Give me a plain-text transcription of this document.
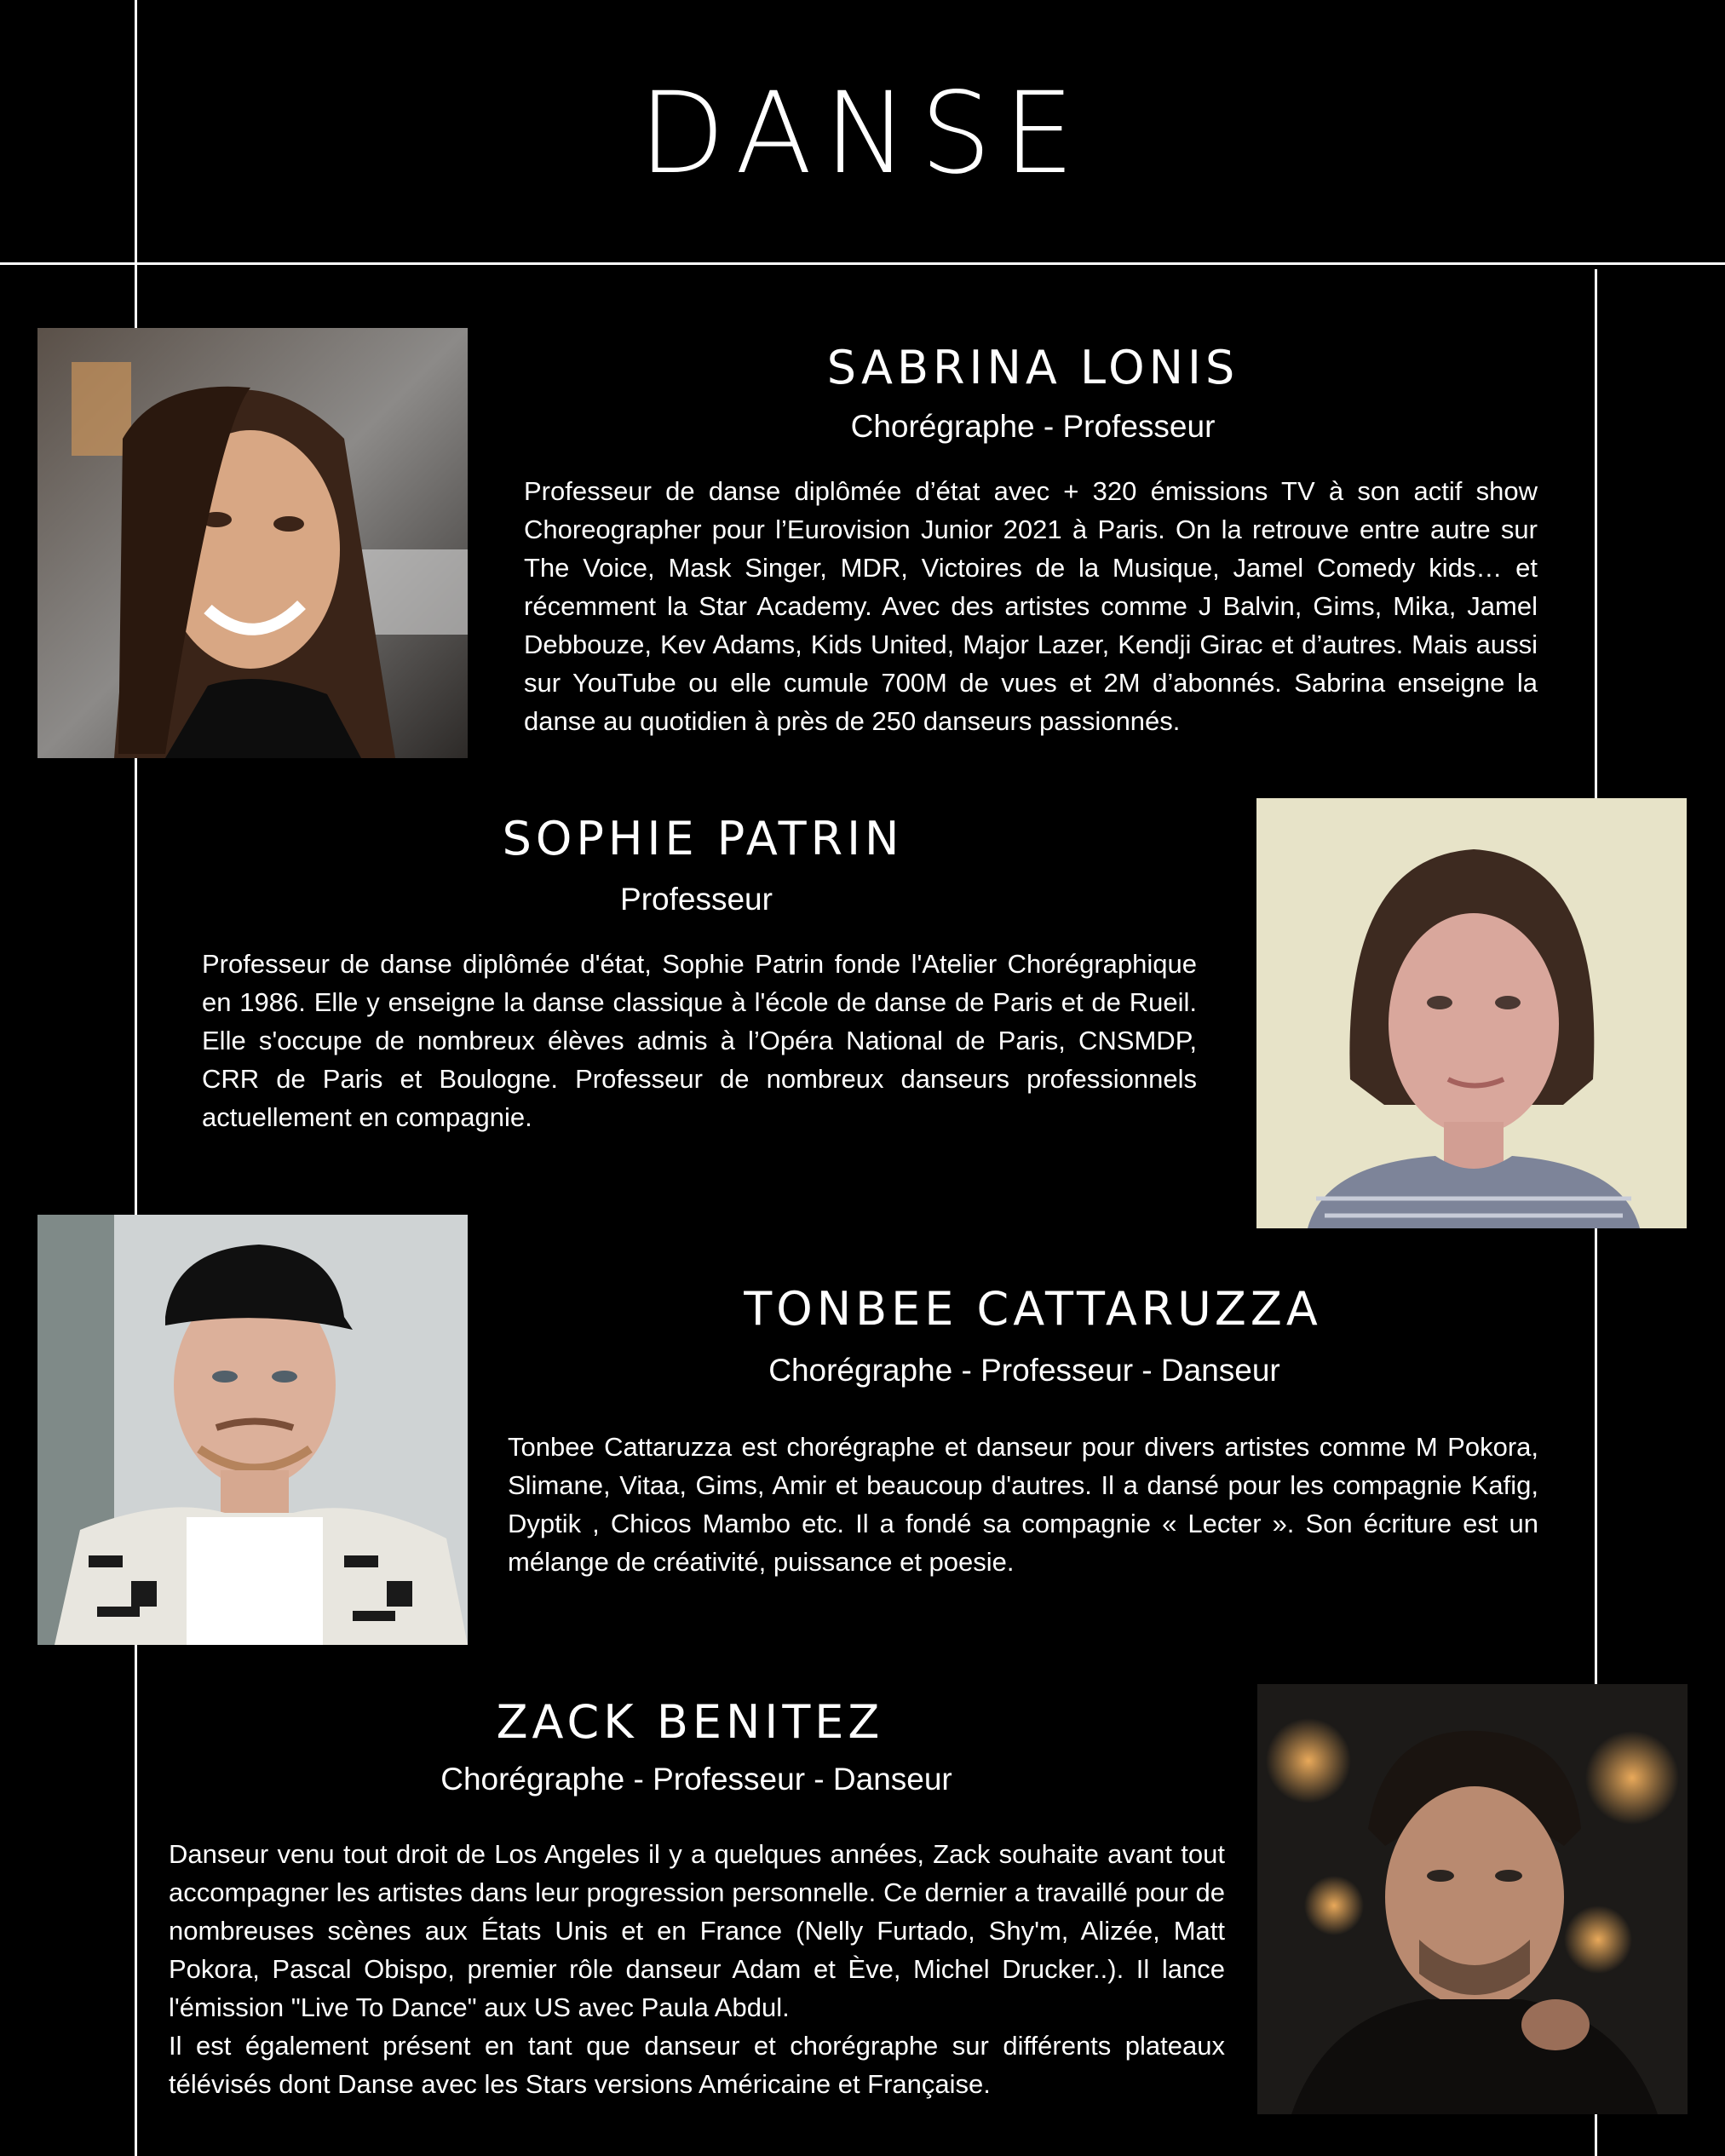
DANSE
SABRINA LONIS
Chorégraphe - Professeur

Professeur de danse diplômée d’état avec + 320 émissions TV à son actif show Choreographer pour l’Eurovision Junior 2021 à Paris. On la retrouve entre autre sur The Voice, Mask Singer, MDR, Victoires de la Musique, Jamel Comedy kids… et récemment la Star Academy. Avec des artistes comme J Balvin, Gims, Mika, Jamel Debbouze, Kev Adams, Kids United, Major Lazer, Kendji Girac et d’autres. Mais aussi sur YouTube ou elle cumule 700M de vues et 2M d’abonnés. Sabrina enseigne la danse au quotidien à près de 250 danseurs passionnés.

SOPHIE PATRIN
Professeur

Professeur de danse diplômée d'état, Sophie Patrin fonde l'Atelier Chorégraphique en 1986. Elle y enseigne la danse classique à l'école de danse de Paris et de Rueil. Elle s'occupe de nombreux élèves admis à l’Opéra National de Paris, CNSMDP, CRR de Paris et Boulogne. Professeur de nombreux danseurs professionnels actuellement en compagnie.

TONBEE CATTARUZZA
Chorégraphe - Professeur - Danseur

Tonbee Cattaruzza est chorégraphe et danseur pour divers artistes comme M Pokora, Slimane, Vitaa, Gims, Amir et beaucoup d'autres. Il a dansé pour les compagnie Kafig, Dyptik , Chicos Mambo etc. Il a fondé sa compagnie « Lecter ». Son écriture est un mélange de créativité, puissance et poesie.

ZACK BENITEZ
Chorégraphe - Professeur - Danseur

Danseur venu tout droit de Los Angeles il y a quelques années, Zack souhaite avant tout accompagner les artistes dans leur progression personnelle. Ce dernier a travaillé pour de nombreuses scènes aux États Unis et en France (Nelly Furtado, Shy'm, Alizée, Matt Pokora, Pascal Obispo, premier rôle danseur Adam et Ève, Michel Drucker..). Il lance l'émission "Live To Dance" aux US avec Paula Abdul.

Il est également présent en tant que danseur et chorégraphe sur différents plateaux télévisés dont Danse avec les Stars versions Américaine et Française.
